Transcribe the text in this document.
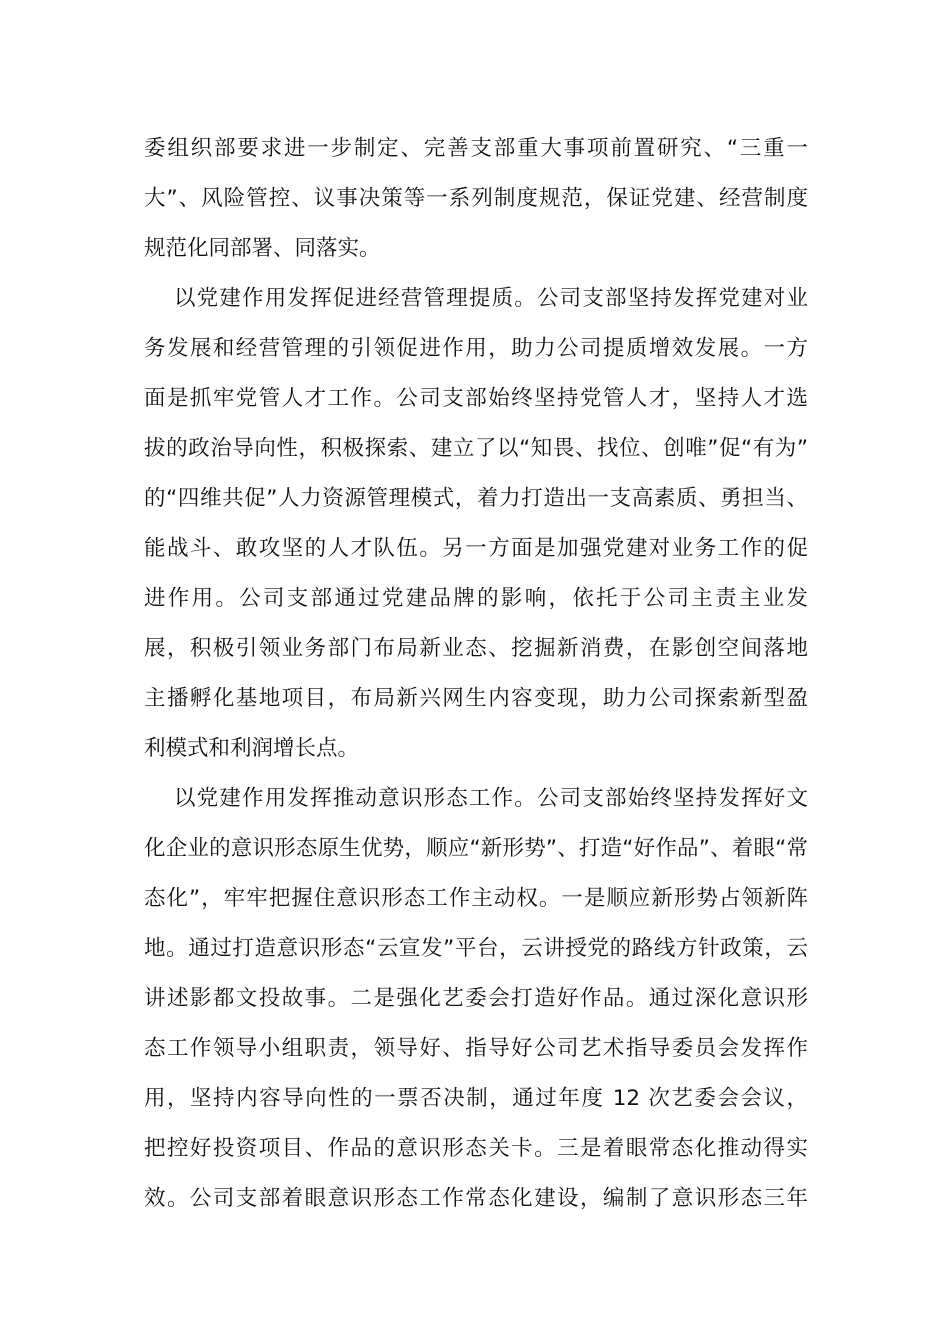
委组织部要求进一步制定、完善支部重大事项前置研究、“三重一
大”、风险管控、议事决策等一系列制度规范，保证党建、经营制度
规范化同部署、同落实。
以党建作用发挥促进经营管理提质。公司支部坚持发挥党建对业
务发展和经营管理的引领促进作用，助力公司提质增效发展。一方
面是抓牢党管人才工作。公司支部始终坚持党管人才，坚持人才选
拔的政治导向性，积极探索、建立了以“知畏、找位、创唯”促“有为”
的“四维共促”人力资源管理模式，着力打造出一支高素质、勇担当、
能战斗、敢攻坚的人才队伍。另一方面是加强党建对业务工作的促
进作用。公司支部通过党建品牌的影响，依托于公司主责主业发
展，积极引领业务部门布局新业态、挖掘新消费，在影创空间落地
主播孵化基地项目，布局新兴网生内容变现，助力公司探索新型盈
利模式和利润增长点。
以党建作用发挥推动意识形态工作。公司支部始终坚持发挥好文
化企业的意识形态原生优势，顺应“新形势”、打造“好作品”、着眼“常
态化”，牢牢把握住意识形态工作主动权。一是顺应新形势占领新阵
地。通过打造意识形态“云宣发”平台，云讲授党的路线方针政策，云
讲述影都文投故事。二是强化艺委会打造好作品。通过深化意识形
态工作领导小组职责，领导好、指导好公司艺术指导委员会发挥作
用，坚持内容导向性的一票否决制，通过年度 12 次艺委会会议，
把控好投资项目、作品的意识形态关卡。三是着眼常态化推动得实
效。公司支部着眼意识形态工作常态化建设，编制了意识形态三年
